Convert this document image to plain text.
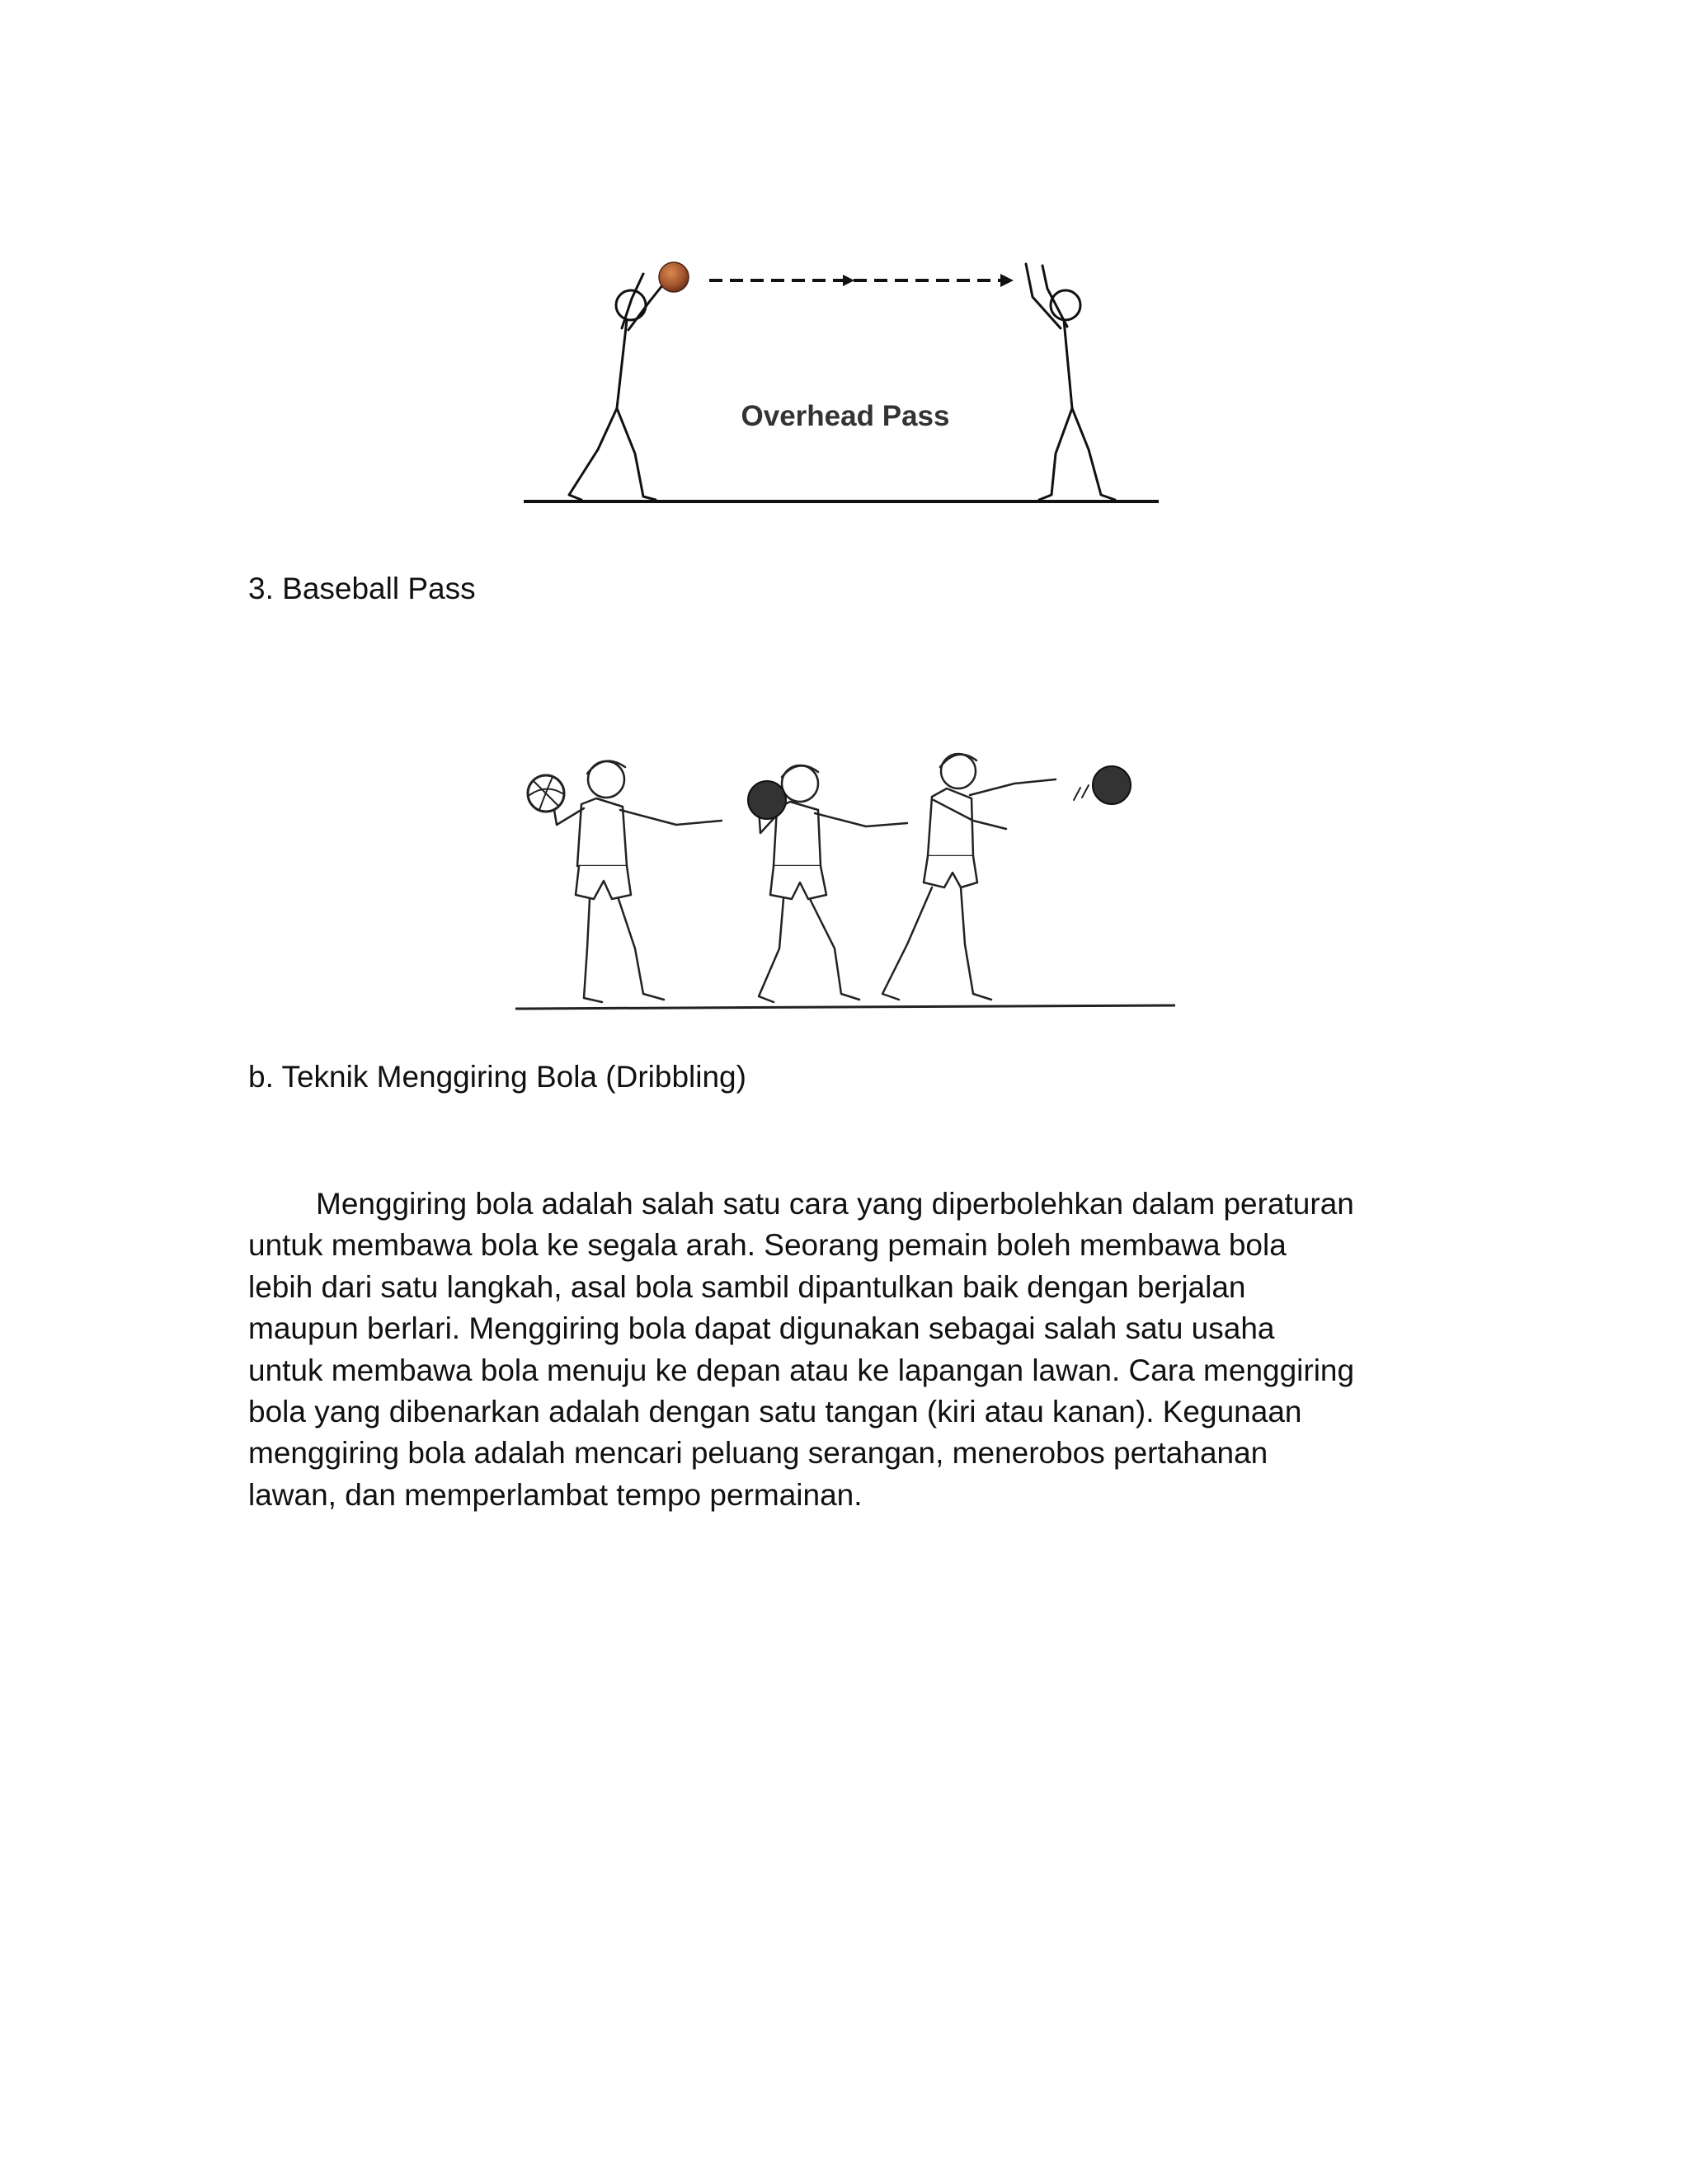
Overhead Pass
3. Baseball Pass
b. Teknik Menggiring Bola (Dribbling)

Menggiring bola adalah salah satu cara yang diperbolehkan dalam peraturan
untuk membawa bola ke segala arah. Seorang pemain boleh membawa bola
lebih dari satu langkah, asal bola sambil dipantulkan baik dengan berjalan
maupun berlari. Menggiring bola dapat digunakan sebagai salah satu usaha
untuk membawa bola menuju ke depan atau ke lapangan lawan. Cara menggiring
bola yang dibenarkan adalah dengan satu tangan (kiri atau kanan). Kegunaan
menggiring bola adalah mencari peluang serangan, menerobos pertahanan
lawan, dan memperlambat tempo permainan.
